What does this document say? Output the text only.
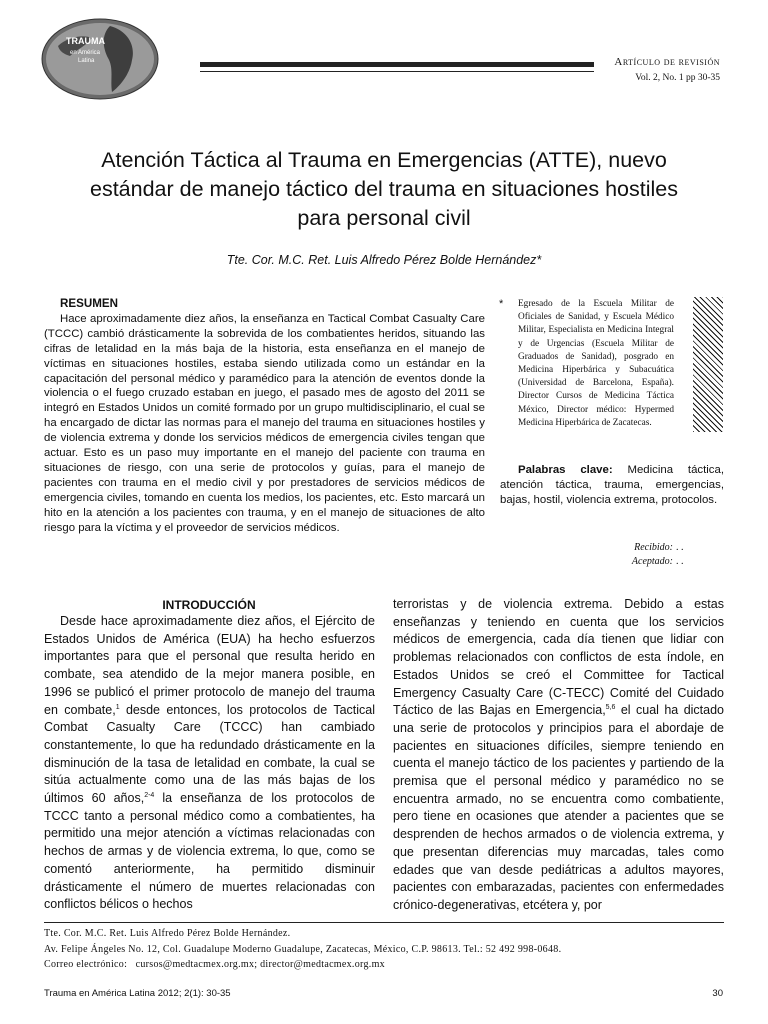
TRAUMA
en América
Latina	Artículo de revisión
Vol. 2, No. 1 pp 30-35
Atención Táctica al Trauma en Emergencias (ATTE), nuevo estándar de manejo táctico del trauma en situaciones hostiles para personal civil
Tte. Cor. M.C. Ret. Luis Alfredo Pérez Bolde Hernández*
RESUMEN

Hace aproximadamente diez años, la enseñanza en Tactical Combat Casualty Care (TCCC) cambió drásticamente la sobrevida de los combatientes heridos, situando las cifras de letalidad en la más baja de la historia, esta enseñanza en el manejo de víctimas en situaciones hostiles, estaba siendo utilizada como un estándar en la capacitación del personal médico y paramédico para la atención de eventos donde la violencia o el fuego cruzado estaban en juego, el pasado mes de agosto del 2011 se integró en Estados Unidos un comité formado por un grupo multidisciplinario, el cual se ha encargado de dictar las normas para el manejo del trauma en situaciones hostiles y de violencia extrema y donde los servicios médicos de emergencia civiles tengan que actuar. Esto es un paso muy importante en el manejo del paciente con trauma en situaciones de riesgo, con una serie de protocolos y guías, para el manejo de pacientes con trauma en el medio civil y por prestadores de servicios médicos de emergencia civiles, tomando en cuenta los medios, los pacientes, etc. Esto marcará un hito en la atención a los pacientes con trauma, y en el manejo de situaciones de alto riesgo para la víctima y el proveedor de servicios médicos.

* Egresado de la Escuela Militar de Oficiales de Sanidad, y Escuela Médico Militar, Especialista en Medicina Integral y de Urgencias (Escuela Militar de Graduados de Sanidad), posgrado en Medicina Hiperbárica y Subacuática (Universidad de Barcelona, España). Director Cursos de Medicina Táctica México, Director médico: Hypermed Medicina Hiperbárica de Zacatecas.

Palabras clave: Medicina táctica, atención táctica, trauma, emergencias, bajas, hostil, violencia extrema, protocolos.

Recibido: . .
Aceptado: . .
INTRODUCCIÓN

Desde hace aproximadamente diez años, el Ejército de Estados Unidos de América (EUA) ha hecho esfuerzos importantes para que el personal que resulta herido en combate, sea atendido de la mejor manera posible, en 1996 se publicó el primer protocolo de manejo del trauma en combate,$^1$ desde entonces, los protocolos de Tactical Combat Casualty Care (TCCC) han cambiado constantemente, lo que ha redundado drásticamente en la disminución de la tasa de letalidad en combate, la cual se sitúa actualmente como una de las más bajas de los últimos 60 años,$^{2-4}$ la enseñanza de los protocolos de TCCC tanto a personal médico como a combatientes, ha permitido una mejor atención a víctimas relacionadas con hechos de armas y de violencia extrema, lo que, como se comentó anteriormente, ha permitido disminuir drásticamente el número de muertes relacionadas con conflictos bélicos o hechos

terroristas y de violencia extrema. Debido a estas enseñanzas y teniendo en cuenta que los servicios médicos de emergencia, cada día tienen que lidiar con problemas relacionados con conflictos de esta índole, en Estados Unidos se creó el Committee for Tactical Emergency Casualty Care (C-TECC) Comité del Cuidado Táctico de las Bajas en Emergencia,$^{5,6}$ el cual ha dictado una serie de protocolos y principios para el abordaje de pacientes en situaciones difíciles, siempre teniendo en cuenta el manejo táctico de los pacientes y partiendo de la premisa que el personal médico y paramédico no se encuentra armado, no se encuentra como combatiente, pero tiene en ocasiones que atender a pacientes que se desprenden de hechos armados o de violencia extrema, y que presentan diferencias muy marcadas, tales como edades que van desde pediátricas a adultos mayores, pacientes con embarazadas, pacientes con enfermedades crónico-degenerativas, etcétera y, por

Tte. Cor. M.C. Ret. Luis Alfredo Pérez Bolde Hernández.
Av. Felipe Ángeles No. 12, Col. Guadalupe Moderno Guadalupe, Zacatecas, México, C.P. 98613. Tel.: 52 492 998-0648.
Correo electrónico: cursos@medtacmex.org.mx; director@medtacmex.org.mx
Trauma en América Latina 2012; 2(1): 30-35	30
